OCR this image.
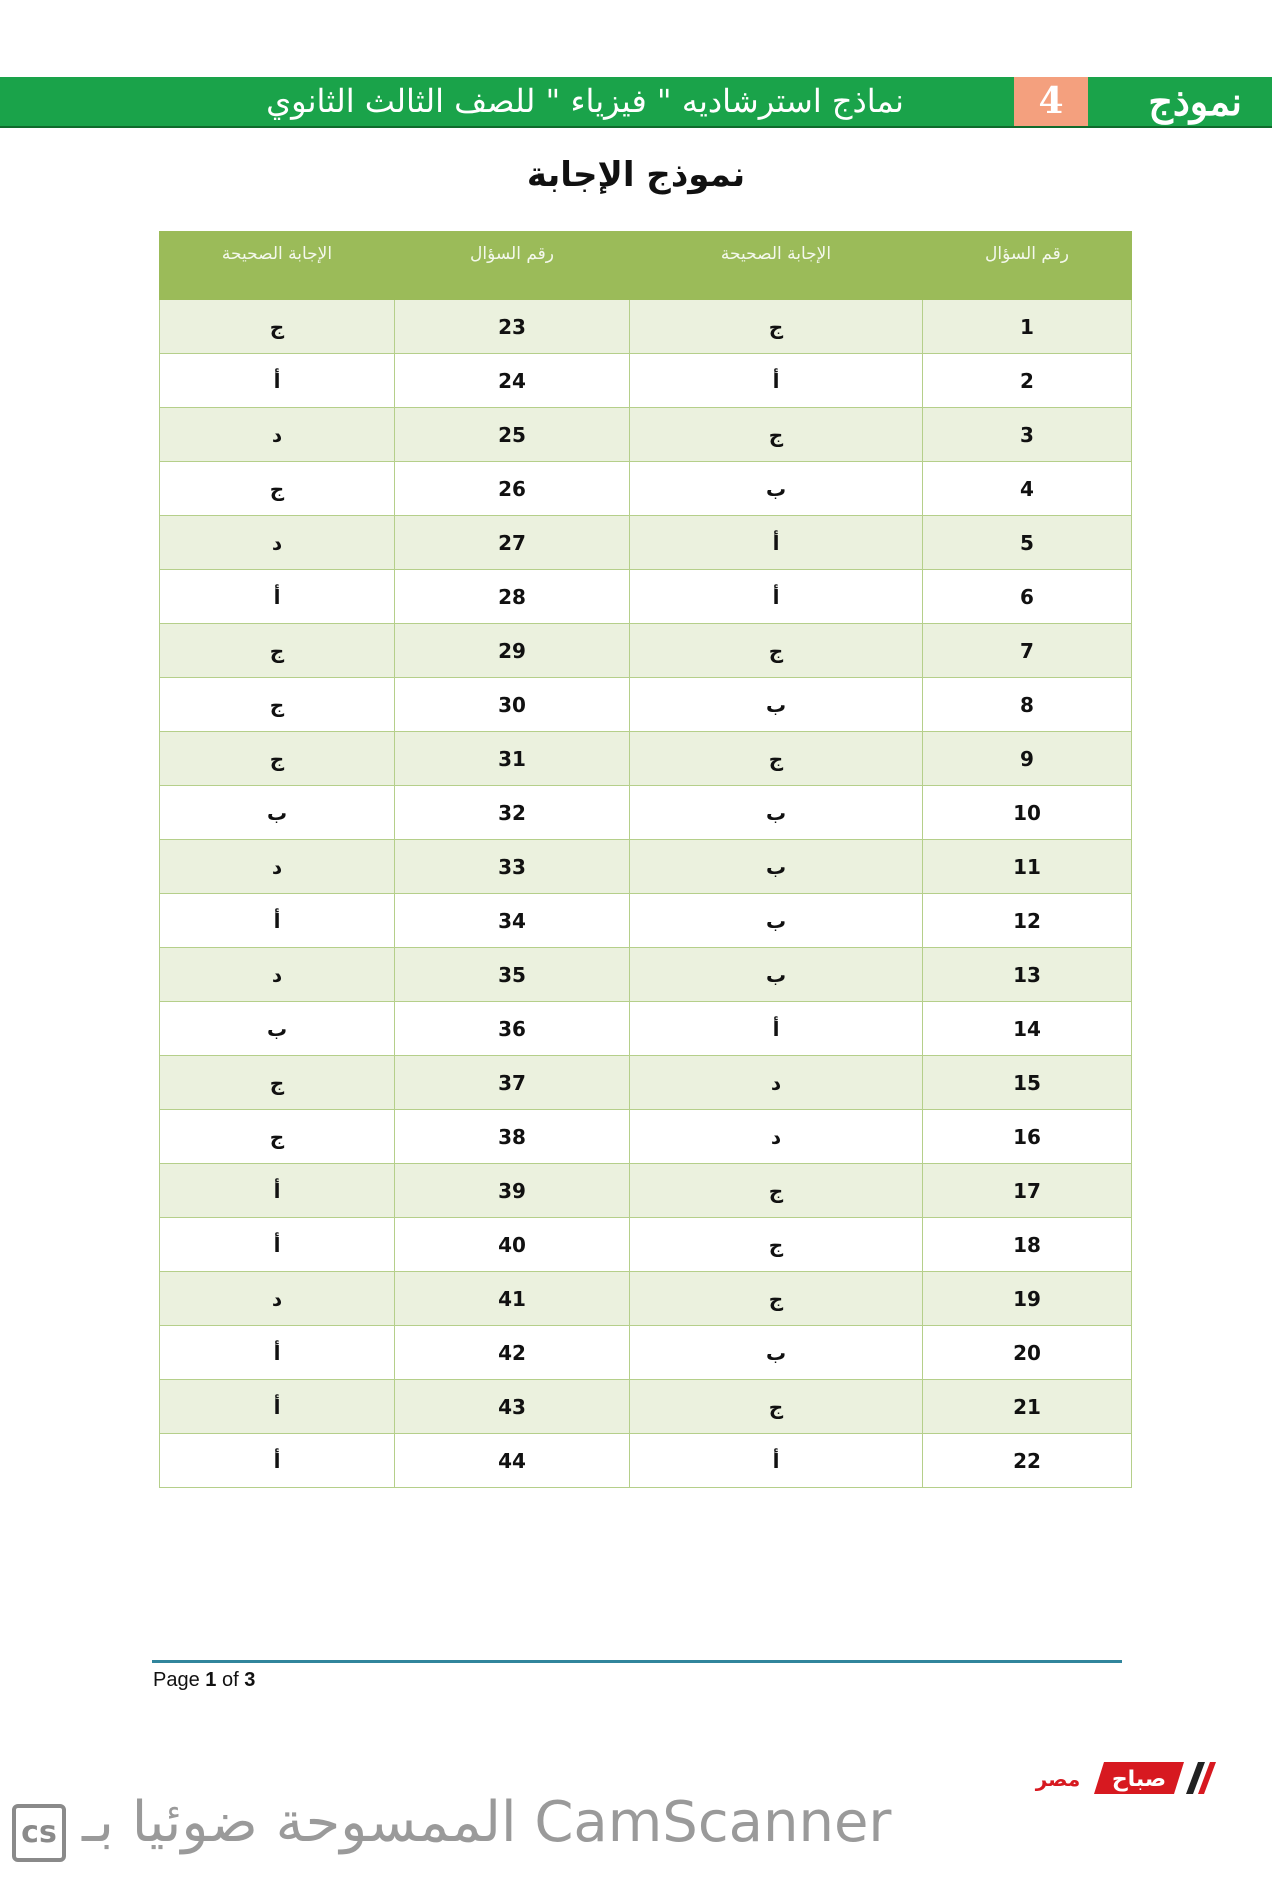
نموذج
4
نماذج استرشاديه " فيزياء " للصف الثالث الثانوي
نموذج الإجابة
الإجابة الصحيحة	رقم السؤال	الإجابة الصحيحة	رقم السؤال
ج	23	ج	1
أ	24	أ	2
د	25	ج	3
ج	26	ب	4
د	27	أ	5
أ	28	أ	6
ج	29	ج	7
ج	30	ب	8
ج	31	ج	9
ب	32	ب	10
د	33	ب	11
أ	34	ب	12
د	35	ب	13
ب	36	أ	14
ج	37	د	15
ج	38	د	16
أ	39	ج	17
أ	40	ج	18
د	41	ج	19
أ	42	ب	20
أ	43	ج	21
أ	44	أ	22
Page 1 of 3
صباح
مصر
cs الممسوحة ضوئيا بـ CamScanner
